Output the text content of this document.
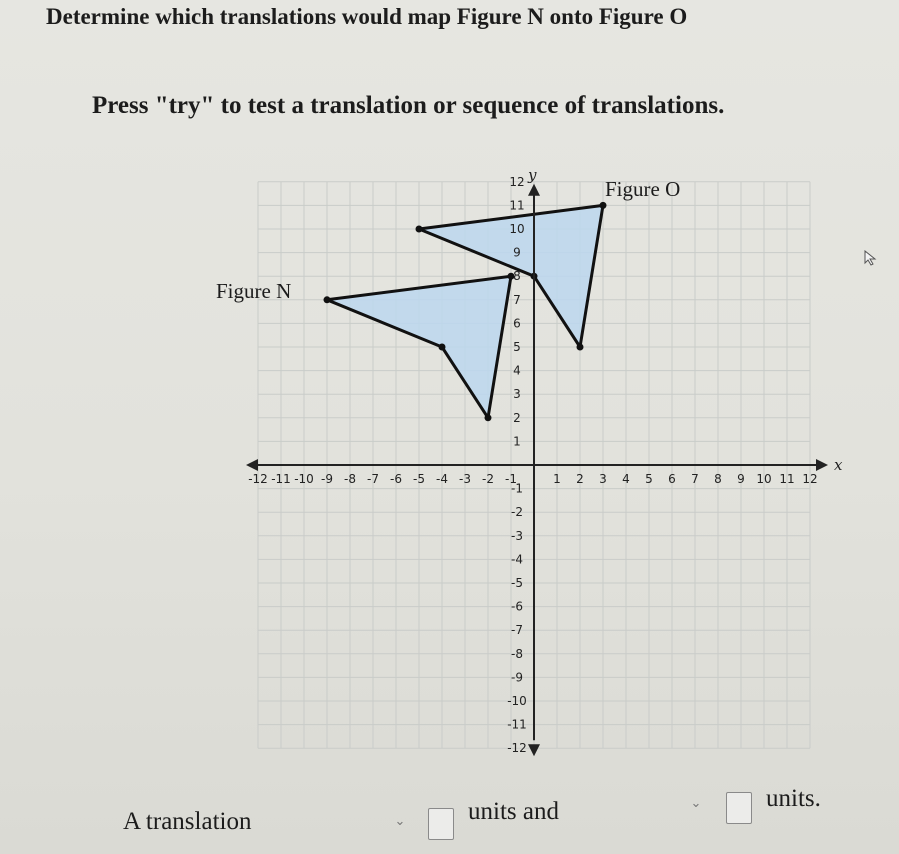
Determine which translations would map Figure N onto Figure O
Press "try" to test a translation or sequence of translations.
x
y
-12 -11 -10 -9 -8 -7 -6 -5 -4 -3 -2 -1	1 2 3 4 5 6 7 8 9 10 11 12
-12
-11
-10
-9
-8
-7
-6
-5
-4
-3
-2
-1
1
2
3
4
5
6
7
8
9
10
11
12
Figure N
Figure O
A translation	⌄	units and	⌄	units.
